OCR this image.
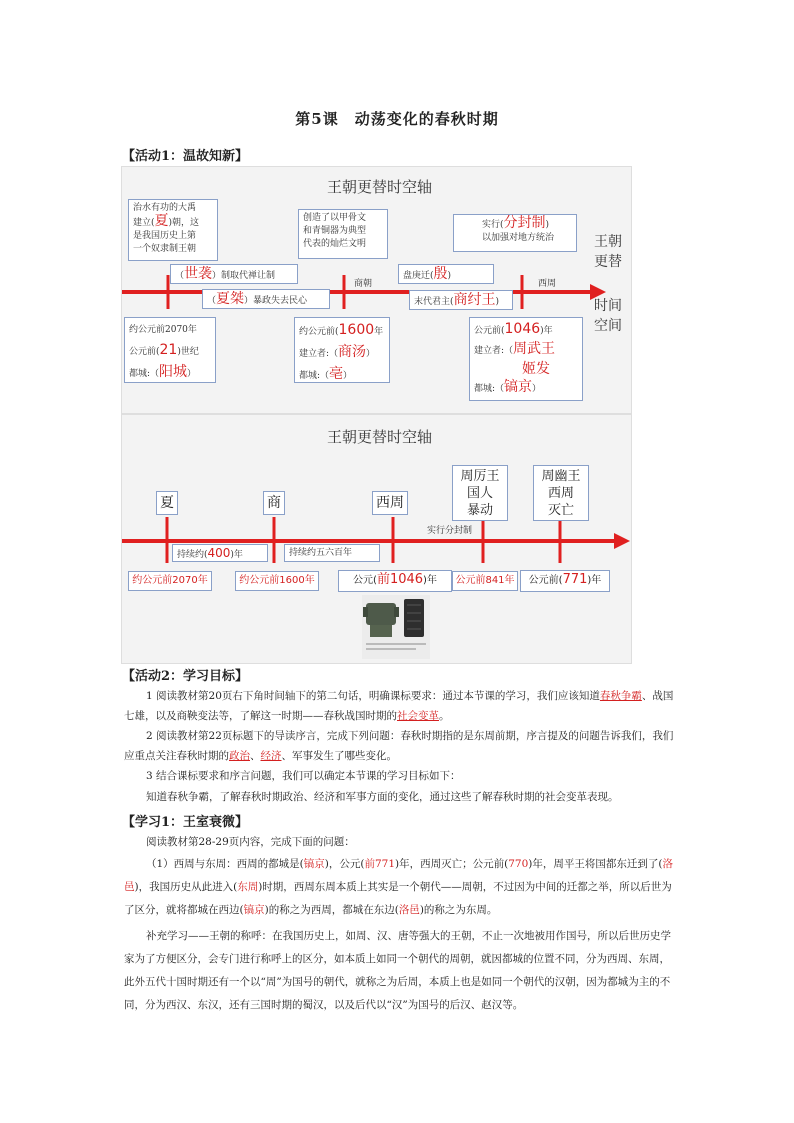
第5课　动荡变化的春秋时期
【活动1：温故知新】
王朝更替时空轴
治水有功的大禹
建立(夏)朝，这
是我国历史上第
一个奴隶制王朝
创造了以甲骨文
和青铜器为典型
代表的灿烂文明
实行(分封制)
以加强对地方统治
（世袭）制取代禅让制	盘庚迁(殷)
商朝	西周
（夏桀）暴政失去民心	末代君主(商纣王)
约公元前2070年
公元前(21)世纪
都城:（阳城）
约公元前(1600年
建立者:（商汤）
都城:（亳）
公元前(1046)年
建立者:（周武王
姬发
都城:（镐京）
王朝
更替
时间
空间
王朝更替时空轴
夏	商	西周
周厉王
国人
暴动
周幽王
西周
灭亡
实行分封制
持续约(400)年	持续约五六百年
约公元前2070年	约公元前1600年	公元(前1046)年	公元前841年	公元前(771)年
【活动2：学习目标】
1 阅读教材第20页右下角时间轴下的第二句话，明确课标要求：通过本节课的学习，我们应该知道春秋争霸、战国七雄，以及商鞅变法等，了解这一时期——春秋战国时期的社会变革。
2 阅读教材第22页标题下的导读序言，完成下列问题：春秋时期指的是东周前期，序言提及的问题告诉我们，我们应重点关注春秋时期的政治、经济、军事发生了哪些变化。
3 结合课标要求和序言问题，我们可以确定本节课的学习目标如下：
知道春秋争霸，了解春秋时期政治、经济和军事方面的变化，通过这些了解春秋时期的社会变革表现。
【学习1：王室衰微】
阅读教材第28-29页内容，完成下面的问题：
（1）西周与东周：西周的都城是(镐京)，公元(前771)年，西周灭亡；公元前(770)年，周平王将国都东迁到了(洛邑)，我国历史从此进入(东周)时期，西周东周本质上其实是一个朝代——周朝，不过因为中间的迁都之举，所以后世为了区分，就将都城在西边(镐京)的称之为西周，都城在东边(洛邑)的称之为东周。
补充学习——王朝的称呼：在我国历史上，如周、汉、唐等强大的王朝，不止一次地被用作国号，所以后世历史学家为了方便区分，会专门进行称呼上的区分，如本质上如同一个朝代的周朝，就因都城的位置不同，分为西周、东周，此外五代十国时期还有一个以“周”为国号的朝代，就称之为后周，本质上也是如同一个朝代的汉朝，因为都城为主的不同，分为西汉、东汉，还有三国时期的蜀汉，以及后代以“汉”为国号的后汉、赵汉等。
